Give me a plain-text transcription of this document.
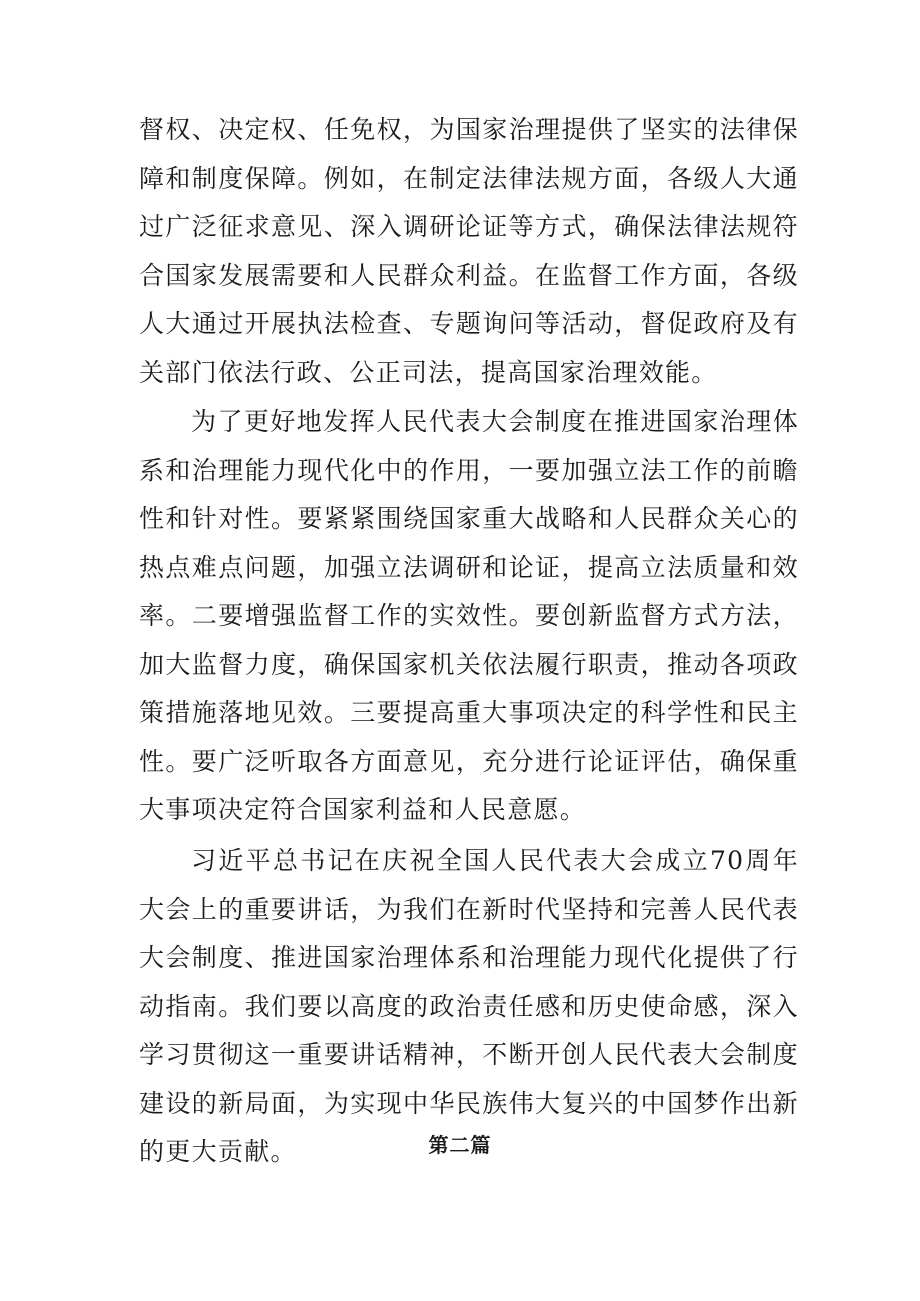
督权、决定权、任免权，为国家治理提供了坚实的法律保障和制度保障。例如，在制定法律法规方面，各级人大通过广泛征求意见、深入调研论证等方式，确保法律法规符合国家发展需要和人民群众利益。在监督工作方面，各级人大通过开展执法检查、专题询问等活动，督促政府及有关部门依法行政、公正司法，提高国家治理效能。

为了更好地发挥人民代表大会制度在推进国家治理体系和治理能力现代化中的作用，一要加强立法工作的前瞻性和针对性。要紧紧围绕国家重大战略和人民群众关心的热点难点问题，加强立法调研和论证，提高立法质量和效率。二要增强监督工作的实效性。要创新监督方式方法，加大监督力度，确保国家机关依法履行职责，推动各项政策措施落地见效。三要提高重大事项决定的科学性和民主性。要广泛听取各方面意见，充分进行论证评估，确保重大事项决定符合国家利益和人民意愿。

习近平总书记在庆祝全国人民代表大会成立70周年大会上的重要讲话，为我们在新时代坚持和完善人民代表大会制度、推进国家治理体系和治理能力现代化提供了行动指南。我们要以高度的政治责任感和历史使命感，深入学习贯彻这一重要讲话精神，不断开创人民代表大会制度建设的新局面，为实现中华民族伟大复兴的中国梦作出新的更大贡献。	第二篇
